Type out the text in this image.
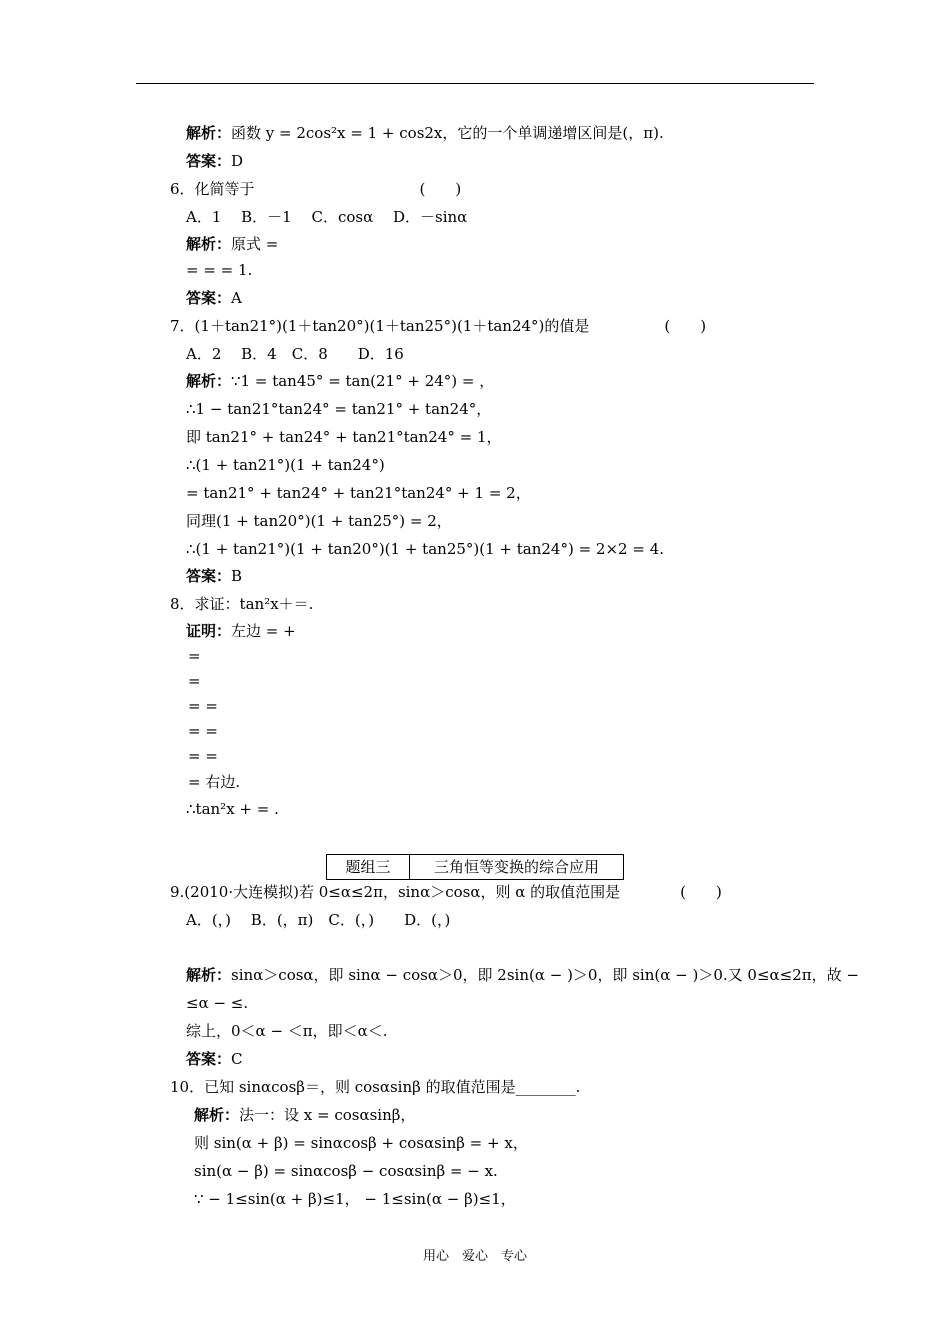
解析：函数 y = 2cos²x = 1 + cos2x，它的一个单调递增区间是(，π).
答案：D
6．化简等于　　　　　　　　　　　(　　)
A．1　 B．－1　 C．cosα　 D．－sinα
解析：原式 =
= = = 1.
答案：A
7．(1＋tan21°)(1＋tan20°)(1＋tan25°)(1＋tan24°)的值是　　　　　(　　)
A．2　 B．4　C．8　　D．16
解析：∵1 = tan45° = tan(21° + 24°) = ，
∴1 − tan21°tan24° = tan21° + tan24°，
即 tan21° + tan24° + tan21°tan24° = 1，
∴(1 + tan21°)(1 + tan24°)
= tan21° + tan24° + tan21°tan24° + 1 = 2，
同理(1 + tan20°)(1 + tan25°) = 2，
∴(1 + tan21°)(1 + tan20°)(1 + tan25°)(1 + tan24°) = 2×2 = 4.
答案：B
8．求证：tan²x＋＝.
证明：左边 = +
=
=
= =
= =
= =
= 右边.
∴tan²x + = .
题组三	三角恒等变换的综合应用
9.(2010·大连模拟)若 0≤α≤2π，sinα＞cosα，则 α 的取值范围是　　　　(　　)
A．(，)　 B．(，π)　C．(，)　　D．(，)
解析：sinα＞cosα，即 sinα − cosα＞0，即 2sin(α − )＞0，即 sin(α − )＞0.又 0≤α≤2π，故 −
≤α − ≤.
综上，0＜α − ＜π，即＜α＜.
答案：C
10．已知 sinαcosβ＝，则 cosαsinβ 的取值范围是________.
解析：法一：设 x = cosαsinβ，
则 sin(α + β) = sinαcosβ + cosαsinβ = + x，
sin(α − β) = sinαcosβ − cosαsinβ = − x.
∵ − 1≤sin(α + β)≤1， − 1≤sin(α − β)≤1，
用心　爱心　专心
